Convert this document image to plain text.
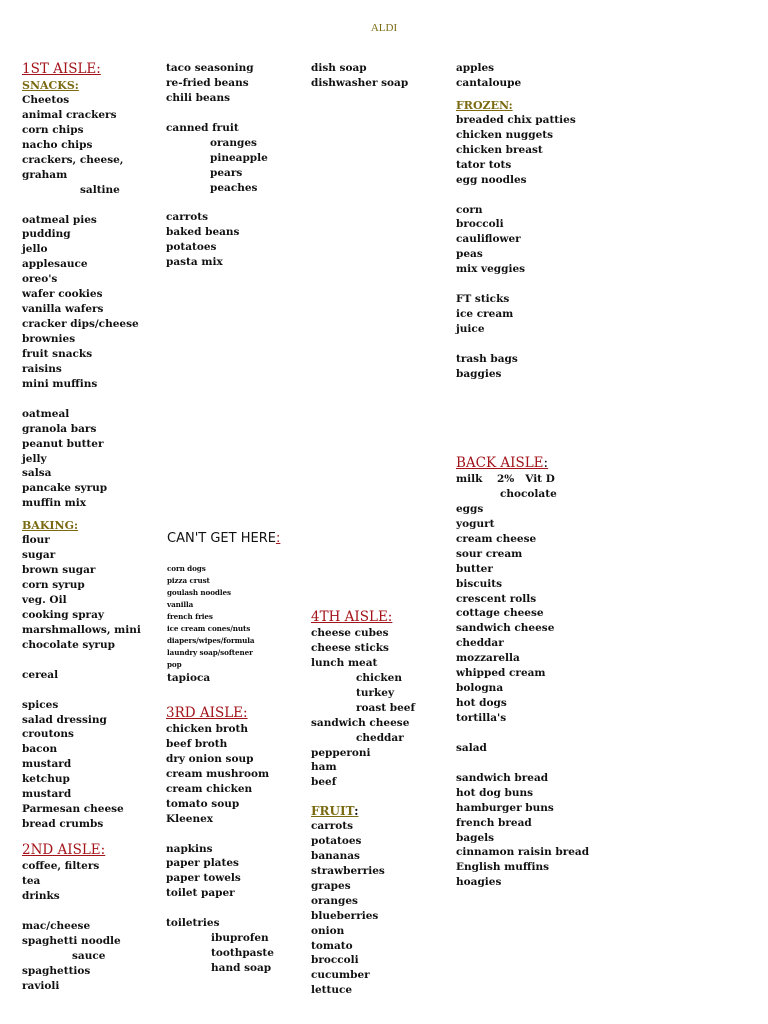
ALDI
1ST AISLE:
SNACKS:
Cheetos
animal crackers
corn chips
nacho chips
crackers, cheese,
graham
saltine
oatmeal pies
pudding
jello
applesauce
oreo's
wafer cookies
vanilla wafers
cracker dips/cheese
brownies
fruit snacks
raisins
mini muffins
oatmeal
granola bars
peanut butter
jelly
salsa
pancake syrup
muffin mix
BAKING:
flour
sugar
brown sugar
corn syrup
veg. Oil
cooking spray
marshmallows, mini
chocolate syrup
cereal
spices
salad dressing
croutons
bacon
mustard
ketchup
mustard
Parmesan cheese
bread crumbs
2ND AISLE:
coffee, filters
tea
drinks
mac/cheese
spaghetti noodle
sauce
spaghettios
ravioli
taco seasoning
re-fried beans
chili beans
canned fruit
oranges
pineapple
pears
peaches
carrots
baked beans
potatoes
pasta mix
CAN'T GET HERE:
corn dogs
pizza crust
goulash noodles
vanilla
french fries
ice cream cones/nuts
diapers/wipes/formula
laundry soap/softener
pop
tapioca
3RD AISLE:
chicken broth
beef broth
dry onion soup
cream mushroom
cream chicken
tomato soup
Kleenex
napkins
paper plates
paper towels
toilet paper
toiletries
ibuprofen
toothpaste
hand soap
dish soap
dishwasher soap
4TH AISLE:
cheese cubes
cheese sticks
lunch meat
chicken
turkey
roast beef
sandwich cheese
cheddar
pepperoni
ham
beef
FRUIT:
carrots
potatoes
bananas
strawberries
grapes
oranges
blueberries
onion
tomato
broccoli
cucumber
lettuce
apples
cantaloupe
FROZEN:
breaded chix patties
chicken nuggets
chicken breast
tator tots
egg noodles
corn
broccoli
cauliflower
peas
mix veggies
FT sticks
ice cream
juice
trash bags
baggies
BACK AISLE:
milk    2%   Vit D
chocolate
eggs
yogurt
cream cheese
sour cream
butter
biscuits
crescent rolls
cottage cheese
sandwich cheese
cheddar
mozzarella
whipped cream
bologna
hot dogs
tortilla's
salad
sandwich bread
hot dog buns
hamburger buns
french bread
bagels
cinnamon raisin bread
English muffins
hoagies
